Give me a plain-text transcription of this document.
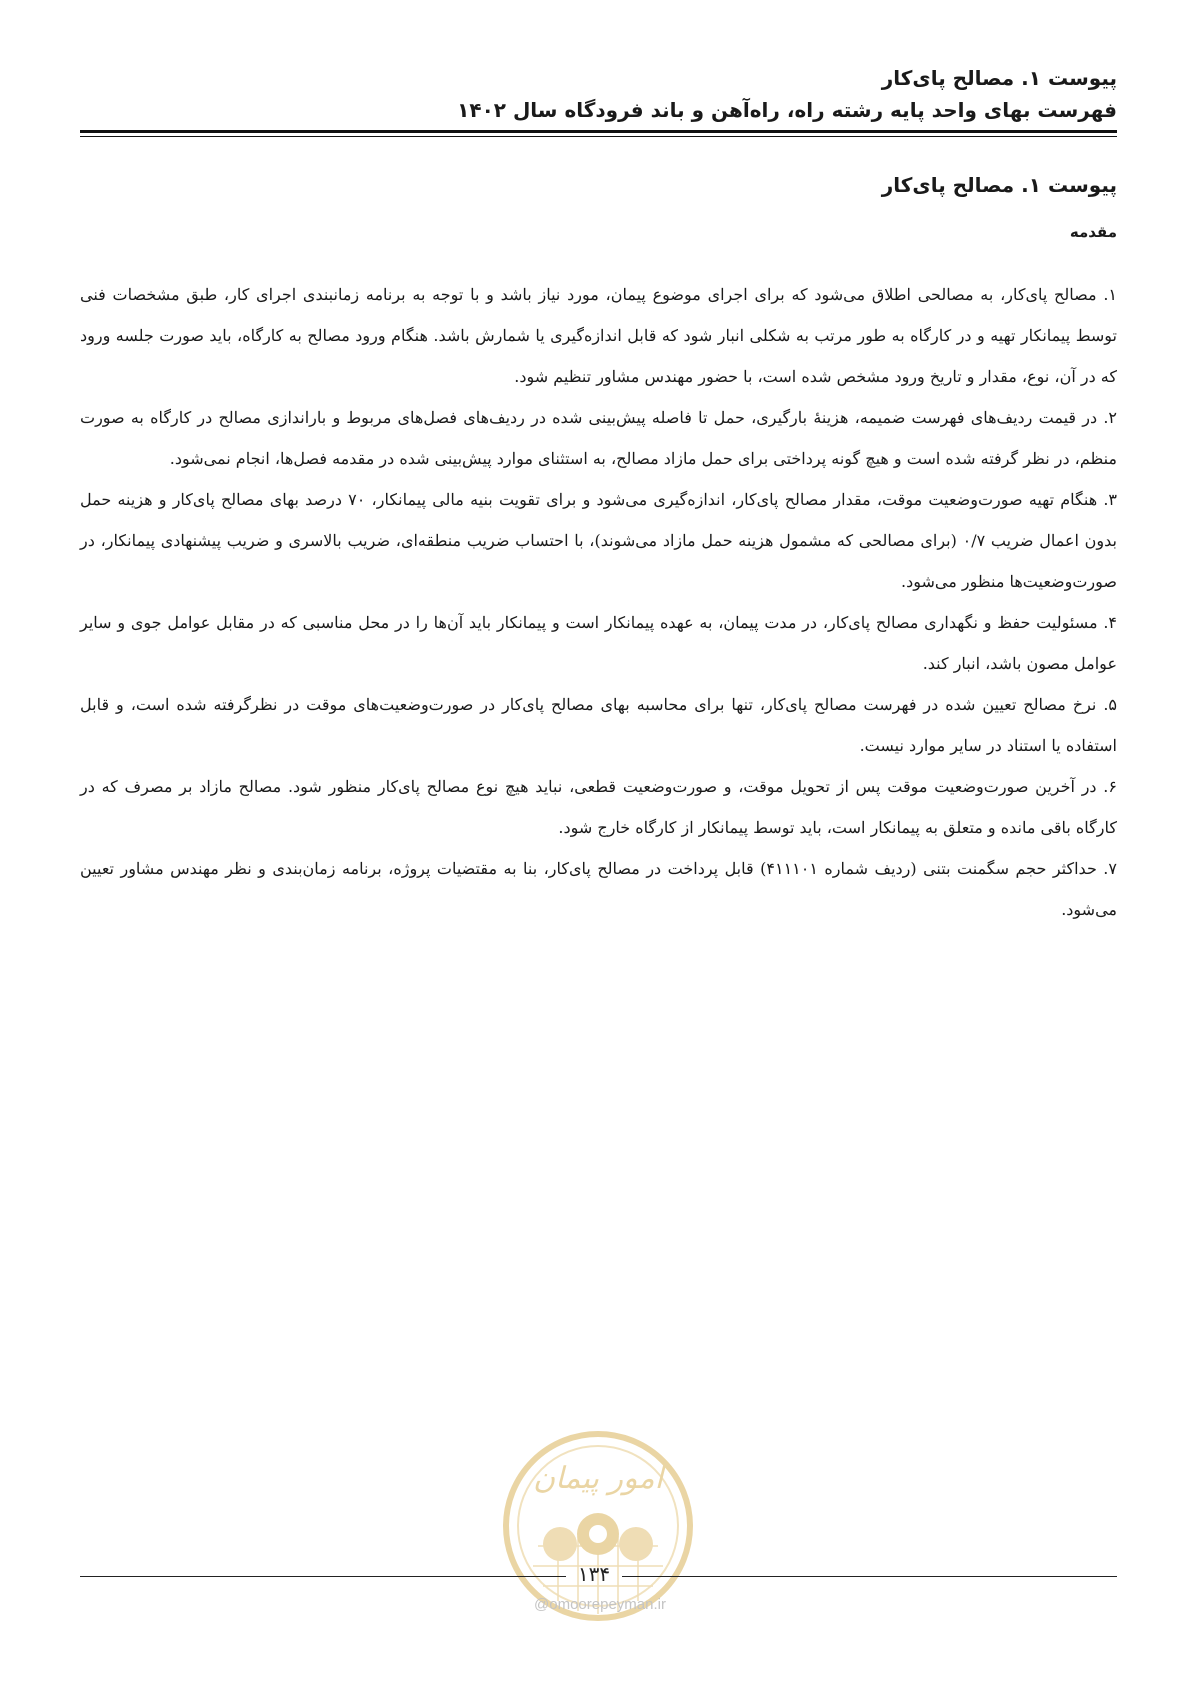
پیوست ۱. مصالح پای‌کار

فهرست بهای واحد پایه رشته راه، راه‌آهن و باند فرودگاه سال ۱۴۰۲

پیوست ۱. مصالح پای‌کار
مقدمه

۱. مصالح پای‌کار، به مصالحی اطلاق می‌شود که برای اجرای موضوع پیمان، مورد نیاز باشد و با توجه به برنامه زمانبندی اجرای کار، طبق مشخصات فنی توسط پیمانکار تهیه و در کارگاه به طور مرتب به شکلی انبار شود که قابل اندازه‌گیری یا شمارش باشد. هنگام ورود مصالح به کارگاه، باید صورت جلسه ورود که در آن، نوع، مقدار و تاریخ ورود مشخص شده است، با حضور مهندس مشاور تنظیم شود.

۲. در قیمت ردیف‌های فهرست ضمیمه، هزینهٔ بارگیری، حمل تا فاصله پیش‌بینی شده در ردیف‌های فصل‌های مربوط و باراندازی مصالح در کارگاه به صورت منظم، در نظر گرفته شده است و هیچ گونه پرداختی برای حمل مازاد مصالح، به استثنای موارد پیش‌بینی شده در مقدمه فصل‌ها، انجام نمی‌شود.

۳. هنگام تهیه صورت‌وضعیت موقت، مقدار مصالح پای‌کار، اندازه‌گیری می‌شود و برای تقویت بنیه مالی پیمانکار، ۷۰ درصد بهای مصالح پای‌کار و هزینه حمل بدون اعمال ضریب ۰/۷ (برای مصالحی که مشمول هزینه حمل مازاد می‌شوند)، با احتساب ضریب منطقه‌ای، ضریب بالاسری و ضریب پیشنهادی پیمانکار، در صورت‌وضعیت‌ها منظور می‌شود.

۴. مسئولیت حفظ و نگهداری مصالح پای‌کار، در مدت پیمان، به عهده پیمانکار است و پیمانکار باید آن‌ها را در محل مناسبی که در مقابل عوامل جوی و سایر عوامل مصون باشد، انبار کند.

۵. نرخ مصالح تعیین شده در فهرست مصالح پای‌کار، تنها برای محاسبه بهای مصالح پای‌کار در صورت‌وضعیت‌های موقت در نظرگرفته شده است، و قابل استفاده یا استناد در سایر موارد نیست.

۶. در آخرین صورت‌وضعیت موقت پس از تحویل موقت، و صورت‌وضعیت قطعی، نباید هیچ نوع مصالح پای‌کار منظور شود. مصالح مازاد بر مصرف که در کارگاه باقی مانده و متعلق به پیمانکار است، باید توسط پیمانکار از کارگاه خارج شود.

۷. حداکثر حجم سگمنت بتنی (ردیف شماره ۴۱۱۱۰۱) قابل پرداخت در مصالح پای‌کار، بنا به مقتضیات پروژه، برنامه زمان‌بندی و نظر مهندس مشاور تعیین می‌شود.

امور پیمان
۱۳۴
@omoorepeyman.ir
